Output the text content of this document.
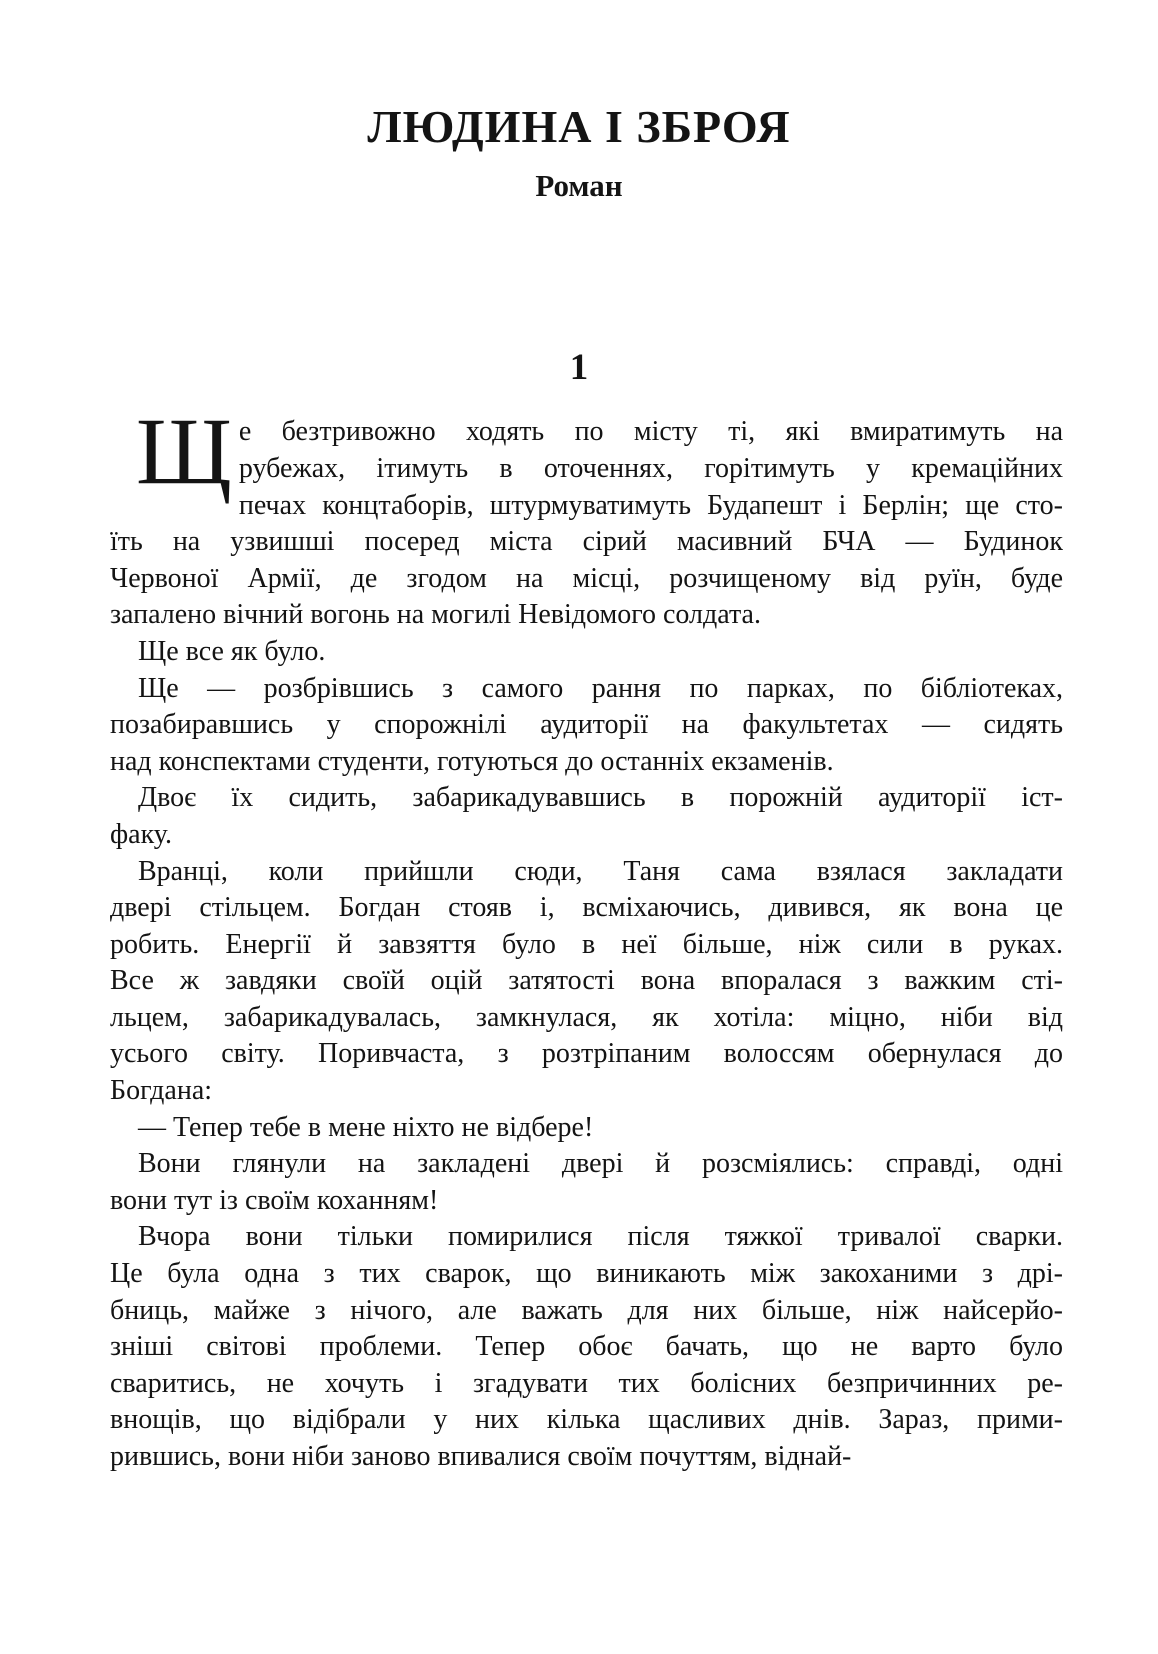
ЛЮДИНА І ЗБРОЯ
Роман
1
Щ е безтривожно ходять по місту ті, які вмиратимуть на
рубежах, ітимуть в оточеннях, горітимуть у кремаційних
печах концтаборів, штурмуватимуть Будапешт і Берлін; ще сто-
їть на узвишші посеред міста сірий масивний БЧА — Будинок
Червоної Армії, де згодом на місці, розчищеному від руїн, буде
запалено вічний вогонь на могилі Невідомого солдата.
Ще все як було.
Ще — розбрівшись з самого рання по парках, по бібліотеках,
позабиравшись у спорожнілі аудиторії на факультетах — сидять
над конспектами студенти, готуються до останніх екзаменів.
Двоє їх сидить, забарикадувавшись в порожній аудиторії іст-
факу.
Вранці, коли прийшли сюди, Таня сама взялася закладати
двері стільцем. Богдан стояв і, всміхаючись, дивився, як вона це
робить. Енергії й завзяття було в неї більше, ніж сили в руках.
Все ж завдяки своїй оцій затятості вона впоралася з важким сті-
льцем, забарикадувалась, замкнулася, як хотіла: міцно, ніби від
усього світу. Поривчаста, з розтріпаним волоссям обернулася до
Богдана:
— Тепер тебе в мене ніхто не відбере!
Вони глянули на закладені двері й розсміялись: справді, одні
вони тут із своїм коханням!
Вчора вони тільки помирилися після тяжкої тривалої сварки.
Це була одна з тих сварок, що виникають між закоханими з дрі-
бниць, майже з нічого, але важать для них більше, ніж найсерйо-
зніші світові проблеми. Тепер обоє бачать, що не варто було
сваритись, не хочуть і згадувати тих болісних безпричинних ре-
внощів, що відібрали у них кілька щасливих днів. Зараз, прими-
рившись, вони ніби заново впивалися своїм почуттям, віднай-
